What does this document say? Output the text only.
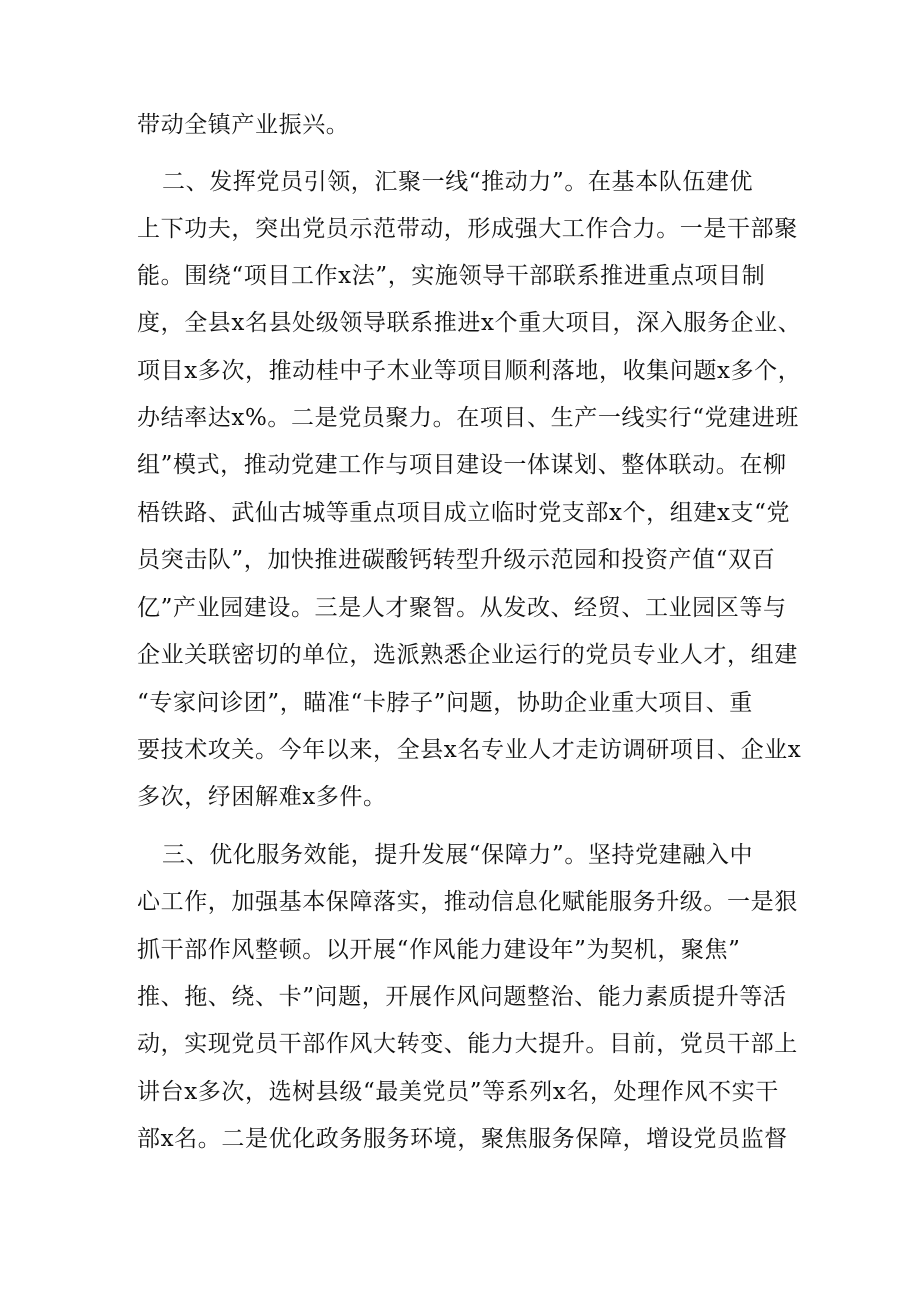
带动全镇产业振兴。
二、发挥党员引领，汇聚一线“推动力”。在基本队伍建优
上下功夫，突出党员示范带动，形成强大工作合力。一是干部聚
能。围绕“项目工作x法”，实施领导干部联系推进重点项目制
度，全县x名县处级领导联系推进x个重大项目，深入服务企业、
项目x多次，推动桂中子木业等项目顺利落地，收集问题x多个，
办结率达x%。二是党员聚力。在项目、生产一线实行“党建进班
组”模式，推动党建工作与项目建设一体谋划、整体联动。在柳
梧铁路、武仙古城等重点项目成立临时党支部x个，组建x支“党
员突击队”，加快推进碳酸钙转型升级示范园和投资产值“双百
亿”产业园建设。三是人才聚智。从发改、经贸、工业园区等与
企业关联密切的单位，选派熟悉企业运行的党员专业人才，组建
“专家问诊团”，瞄准“卡脖子”问题，协助企业重大项目、重
要技术攻关。今年以来，全县x名专业人才走访调研项目、企业x
多次，纾困解难x多件。
三、优化服务效能，提升发展“保障力”。坚持党建融入中
心工作，加强基本保障落实，推动信息化赋能服务升级。一是狠
抓干部作风整顿。以开展“作风能力建设年”为契机，聚焦”
推、拖、绕、卡”问题，开展作风问题整治、能力素质提升等活
动，实现党员干部作风大转变、能力大提升。目前，党员干部上
讲台x多次，选树县级“最美党员”等系列x名，处理作风不实干
部x名。二是优化政务服务环境，聚焦服务保障，增设党员监督
